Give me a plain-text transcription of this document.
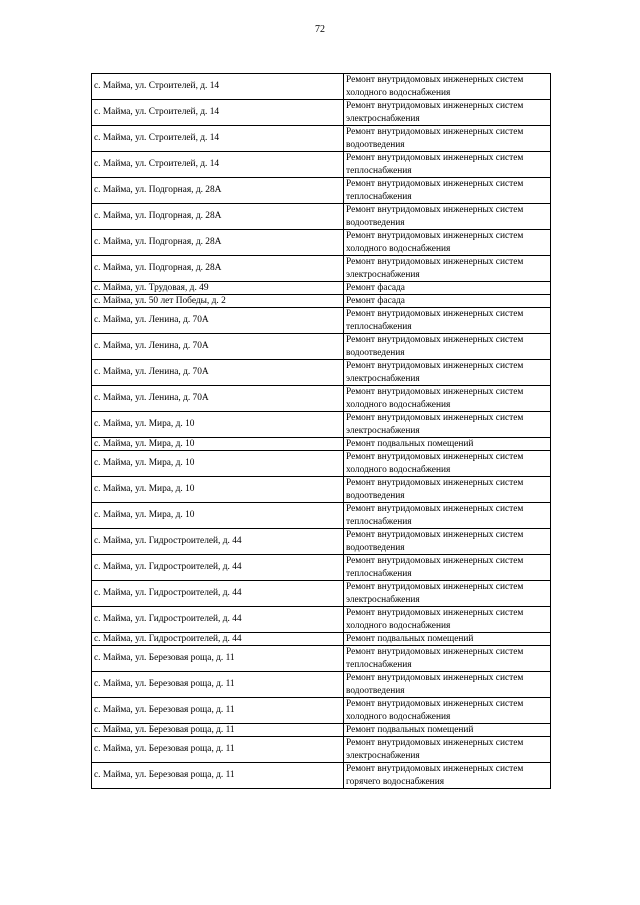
72
с. Майма, ул. Строителей, д. 14	Ремонт внутридомовых инженерных систем холодного водоснабжения
с. Майма, ул. Строителей, д. 14	Ремонт внутридомовых инженерных систем электроснабжения
с. Майма, ул. Строителей, д. 14	Ремонт внутридомовых инженерных систем водоотведения
с. Майма, ул. Строителей, д. 14	Ремонт внутридомовых инженерных систем теплоснабжения
с. Майма, ул. Подгорная, д. 28А	Ремонт внутридомовых инженерных систем теплоснабжения
с. Майма, ул. Подгорная, д. 28А	Ремонт внутридомовых инженерных систем водоотведения
с. Майма, ул. Подгорная, д. 28А	Ремонт внутридомовых инженерных систем холодного водоснабжения
с. Майма, ул. Подгорная, д. 28А	Ремонт внутридомовых инженерных систем электроснабжения
с. Майма, ул. Трудовая, д. 49	Ремонт фасада
с. Майма, ул. 50 лет Победы, д. 2	Ремонт фасада
с. Майма, ул. Ленина, д. 70А	Ремонт внутридомовых инженерных систем теплоснабжения
с. Майма, ул. Ленина, д. 70А	Ремонт внутридомовых инженерных систем водоотведения
с. Майма, ул. Ленина, д. 70А	Ремонт внутридомовых инженерных систем электроснабжения
с. Майма, ул. Ленина, д. 70А	Ремонт внутридомовых инженерных систем холодного водоснабжения
с. Майма, ул. Мира, д. 10	Ремонт внутридомовых инженерных систем электроснабжения
с. Майма, ул. Мира, д. 10	Ремонт подвальных помещений
с. Майма, ул. Мира, д. 10	Ремонт внутридомовых инженерных систем холодного водоснабжения
с. Майма, ул. Мира, д. 10	Ремонт внутридомовых инженерных систем водоотведения
с. Майма, ул. Мира, д. 10	Ремонт внутридомовых инженерных систем теплоснабжения
с. Майма, ул. Гидростроителей, д. 44	Ремонт внутридомовых инженерных систем водоотведения
с. Майма, ул. Гидростроителей, д. 44	Ремонт внутридомовых инженерных систем теплоснабжения
с. Майма, ул. Гидростроителей, д. 44	Ремонт внутридомовых инженерных систем электроснабжения
с. Майма, ул. Гидростроителей, д. 44	Ремонт внутридомовых инженерных систем холодного водоснабжения
с. Майма, ул. Гидростроителей, д. 44	Ремонт подвальных помещений
с. Майма, ул. Березовая роща, д. 11	Ремонт внутридомовых инженерных систем теплоснабжения
с. Майма, ул. Березовая роща, д. 11	Ремонт внутридомовых инженерных систем водоотведения
с. Майма, ул. Березовая роща, д. 11	Ремонт внутридомовых инженерных систем холодного водоснабжения
с. Майма, ул. Березовая роща, д. 11	Ремонт подвальных помещений
с. Майма, ул. Березовая роща, д. 11	Ремонт внутридомовых инженерных систем электроснабжения
с. Майма, ул. Березовая роща, д. 11	Ремонт внутридомовых инженерных систем горячего водоснабжения
